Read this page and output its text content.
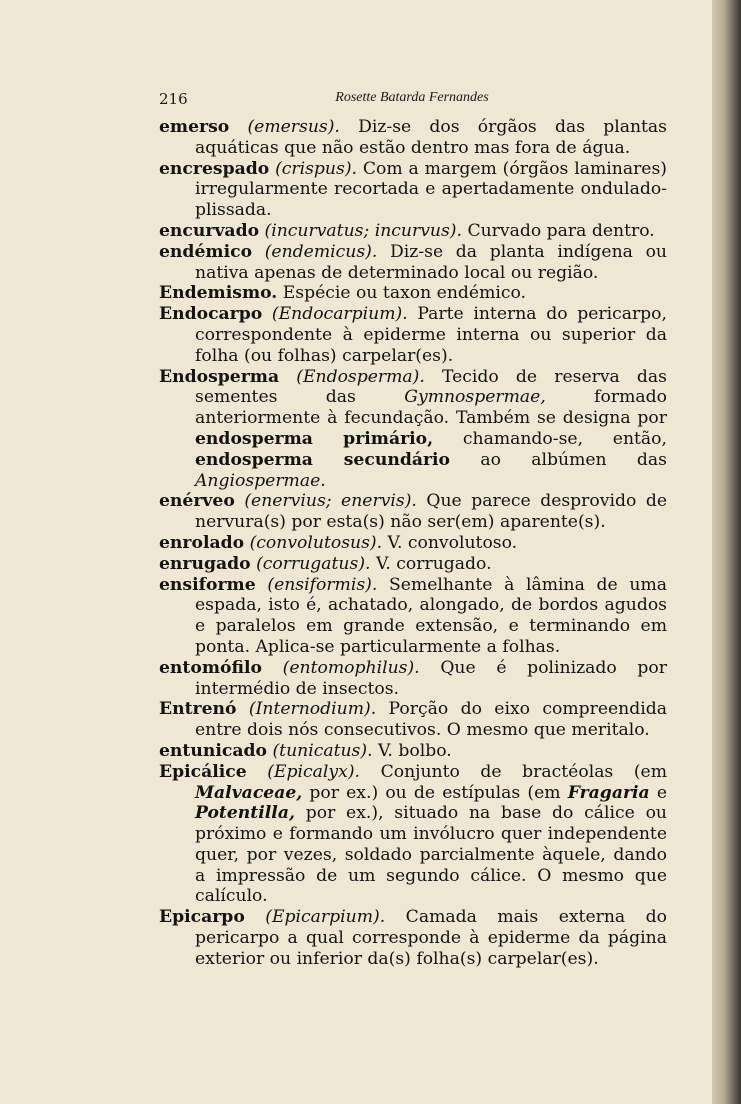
216	Rosette Batarda Fernandes

emerso (emersus). Diz-se dos órgãos das plantas aquáticas que não estão dentro mas fora de água.

encrespado (crispus). Com a margem (órgãos laminares) irregularmente recortada e apertadamente ondulado-plissada.

encurvado (incurvatus; incurvus). Curvado para dentro.

endémico (endemicus). Diz-se da planta indígena ou nativa apenas de determinado local ou região.

Endemismo. Espécie ou taxon endémico.

Endocarpo (Endocarpium). Parte interna do pericarpo, correspondente à epiderme interna ou superior da folha (ou folhas) carpelar(es).

Endosperma (Endosperma). Tecido de reserva das sementes das Gymnospermae, formado anteriormente à fecundação. Também se designa por endosperma primário, chamando-se, então, endosperma secundário ao albúmen das Angiospermae.

enérveo (enervius; enervis). Que parece desprovido de nervura(s) por esta(s) não ser(em) aparente(s).

enrolado (convolutosus). V. convolutoso.

enrugado (corrugatus). V. corrugado.

ensiforme (ensiformis). Semelhante à lâmina de uma espada, isto é, achatado, alongado, de bordos agudos e paralelos em grande extensão, e terminando em ponta. Aplica-se particularmente a folhas.

entomófilo (entomophilus). Que é polinizado por intermédio de insectos.

Entrenó (Internodium). Porção do eixo compreendida entre dois nós consecutivos. O mesmo que meritalo.

entunicado (tunicatus). V. bolbo.

Epicálice (Epicalyx). Conjunto de bractéolas (em Malvaceae, por ex.) ou de estípulas (em Fragaria e Potentilla, por ex.), situado na base do cálice ou próximo e formando um invólucro quer independente quer, por vezes, soldado parcialmente àquele, dando a impressão de um segundo cálice. O mesmo que calículo.

Epicarpo (Epicarpium). Camada mais externa do pericarpo a qual corresponde à epiderme da página exterior ou inferior da(s) folha(s) carpelar(es).
